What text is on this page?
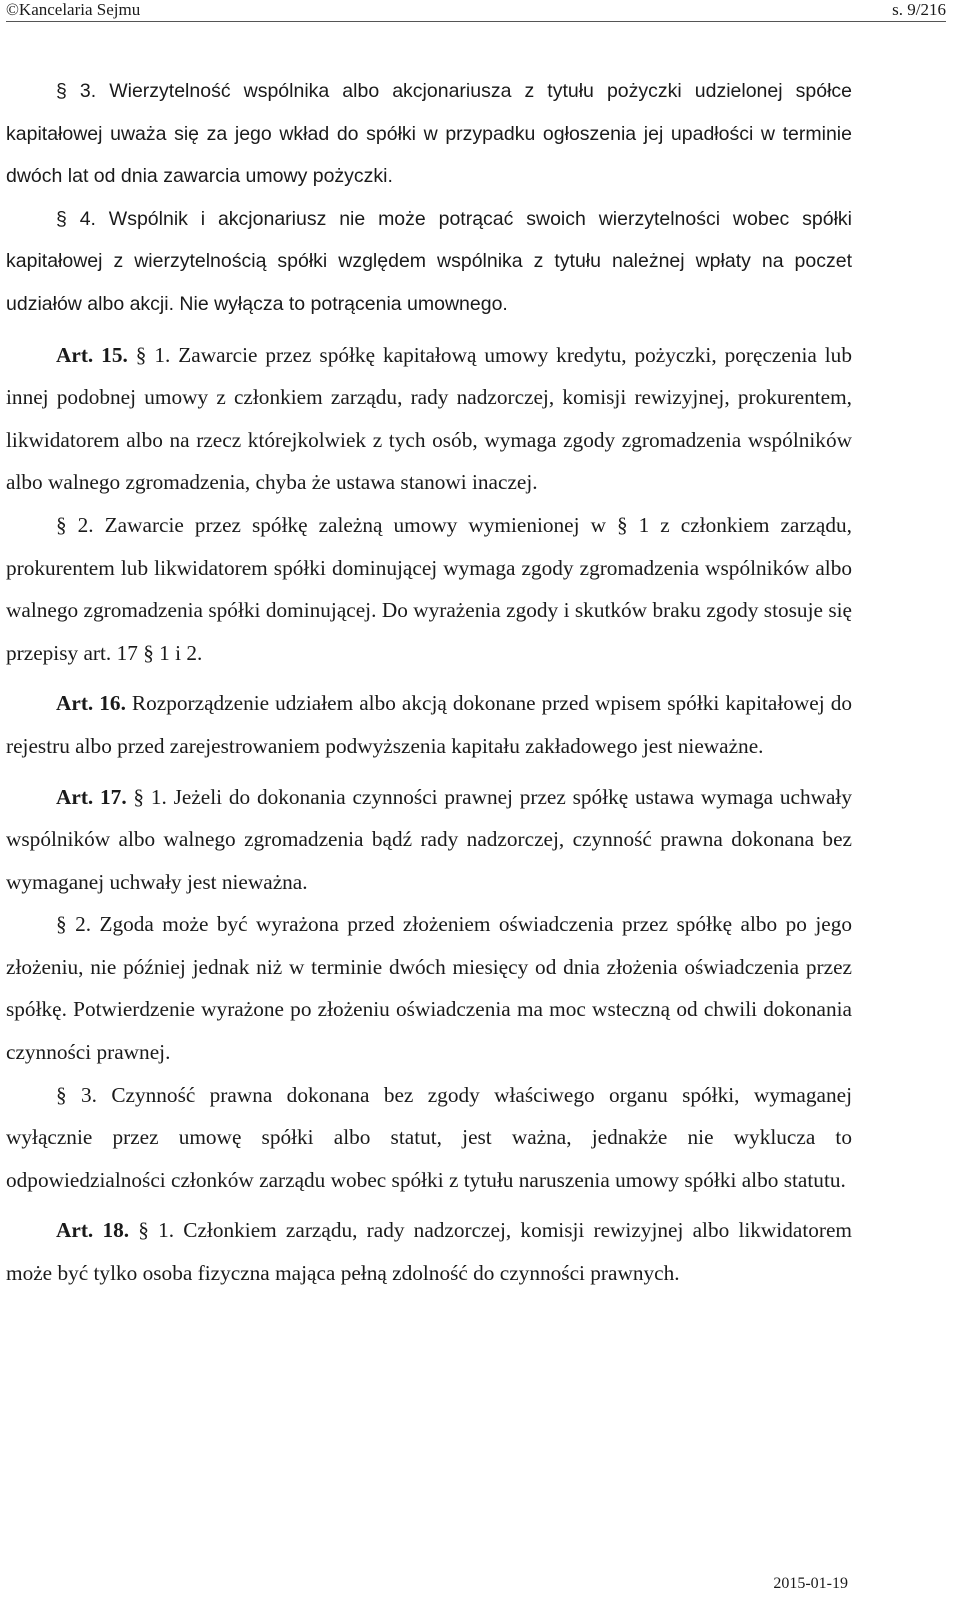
©Kancelaria Sejmu	s. 9/216

§ 3. Wierzytelność wspólnika albo akcjonariusza z tytułu pożyczki udzielonej spółce kapitałowej uważa się za jego wkład do spółki w przypadku ogłoszenia jej upadłości w terminie dwóch lat od dnia zawarcia umowy pożyczki.

§ 4. Wspólnik i akcjonariusz nie może potrącać swoich wierzytelności wobec spółki kapitałowej z wierzytelnością spółki względem wspólnika z tytułu należnej wpłaty na poczet udziałów albo akcji. Nie wyłącza to potrącenia umownego.

Art. 15. § 1. Zawarcie przez spółkę kapitałową umowy kredytu, pożyczki, poręczenia lub innej podobnej umowy z członkiem zarządu, rady nadzorczej, komisji rewizyjnej, prokurentem, likwidatorem albo na rzecz którejkolwiek z tych osób, wymaga zgody zgromadzenia wspólników albo walnego zgromadzenia, chyba że ustawa stanowi inaczej.

§ 2. Zawarcie przez spółkę zależną umowy wymienionej w § 1 z członkiem zarządu, prokurentem lub likwidatorem spółki dominującej wymaga zgody zgromadzenia wspólników albo walnego zgromadzenia spółki dominującej. Do wyrażenia zgody i skutków braku zgody stosuje się przepisy art. 17 § 1 i 2.

Art. 16. Rozporządzenie udziałem albo akcją dokonane przed wpisem spółki kapitałowej do rejestru albo przed zarejestrowaniem podwyższenia kapitału zakładowego jest nieważne.

Art. 17. § 1. Jeżeli do dokonania czynności prawnej przez spółkę ustawa wymaga uchwały wspólników albo walnego zgromadzenia bądź rady nadzorczej, czynność prawna dokonana bez wymaganej uchwały jest nieważna.

§ 2. Zgoda może być wyrażona przed złożeniem oświadczenia przez spółkę albo po jego złożeniu, nie później jednak niż w terminie dwóch miesięcy od dnia złożenia oświadczenia przez spółkę. Potwierdzenie wyrażone po złożeniu oświadczenia ma moc wsteczną od chwili dokonania czynności prawnej.

§ 3. Czynność prawna dokonana bez zgody właściwego organu spółki, wymaganej wyłącznie przez umowę spółki albo statut, jest ważna, jednakże nie wyklucza to odpowiedzialności członków zarządu wobec spółki z tytułu naruszenia umowy spółki albo statutu.

Art. 18. § 1. Członkiem zarządu, rady nadzorczej, komisji rewizyjnej albo likwidatorem może być tylko osoba fizyczna mająca pełną zdolność do czynności prawnych.

2015-01-19
